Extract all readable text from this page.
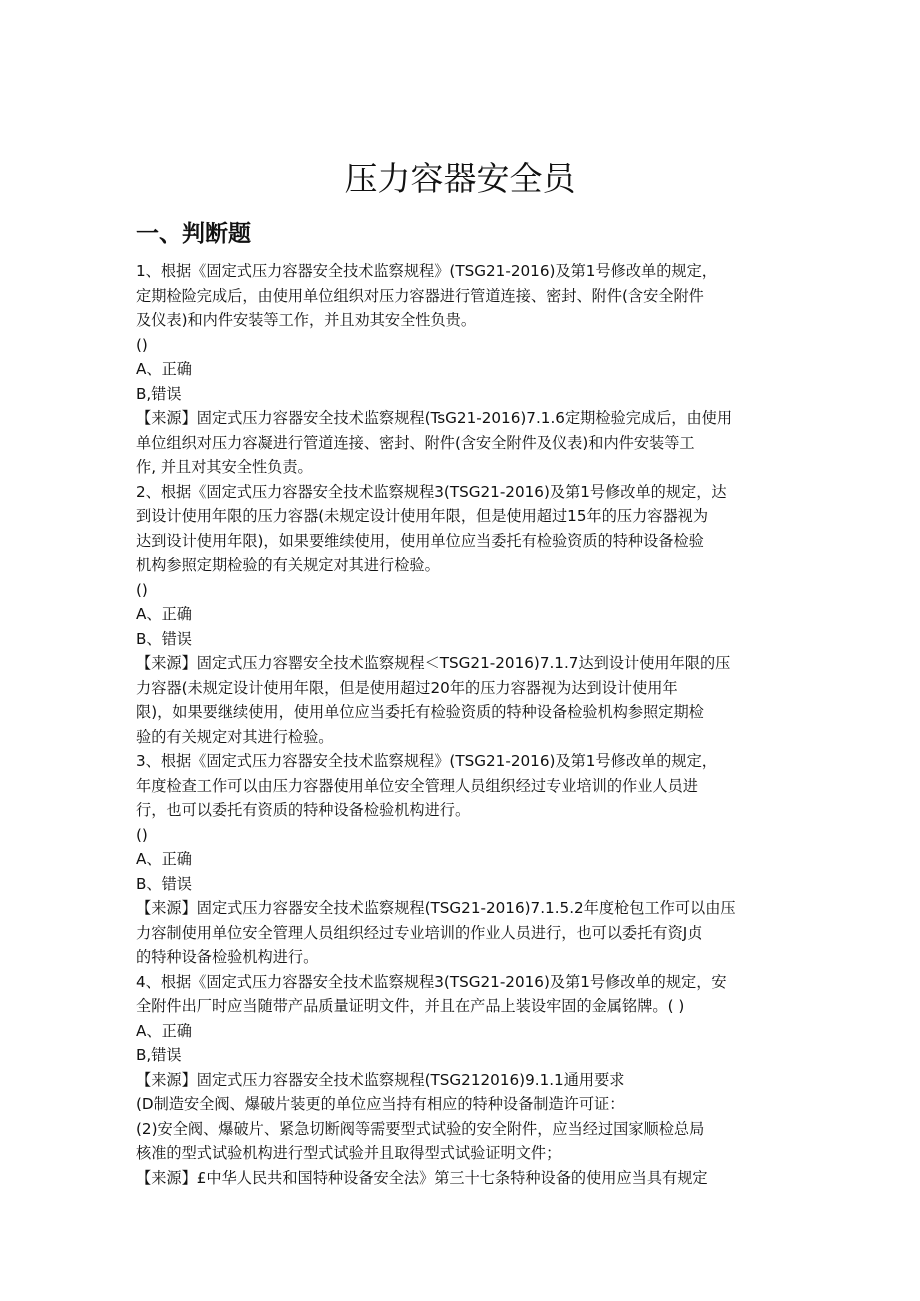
压力容器安全员
一、判断题
1、根据《固定式压力容器安全技术监察规程》(TSG21-2016)及第1号修改单的规定，
定期检险完成后，由使用单位组织对压力容器进行管道连接、密封、附件(含安全附件
及仪表)和内件安装等工作，并且劝其安全性负贵。
()
A、正确
B,错误
【来源】固定式压力容器安全技术监察规程(TsG21-2016)7.1.6定期检验完成后，由使用
单位组织对压力容凝进行管道连接、密封、附件(含安全附件及仪表)和内件安装等工
作, 并且对其安全性负责。
2、根据《固定式压力容器安全技术监察规程3(TSG21-2016)及第1号修改单的规定，达
到设计使用年限的压力容器(未规定设计使用年限，但是使用超过15年的压力容器视为
达到设计使用年限)，如果要维续使用，使用单位应当委托有检验资质的特种设备检验
机构参照定期检验的有关规定对其进行检验。
()
A、正确
B、错误
【来源】固定式压力容罂安全技术监察规程＜TSG21-2016)7.1.7达到设计使用年限的压
力容器(未规定设计使用年限，但是使用超过20年的压力容器视为达到设计使用年
限)，如果要继续使用，使用单位应当委托有检验资质的特种设备检验机构参照定期检
验的有关规定对其进行检验。
3、根据《固定式压力容器安全技术监察规程》(TSG21-2016)及第1号修改单的规定，
年度检查工作可以由压力容器使用单位安全管理人员组织经过专业培训的作业人员进
行，也可以委托有资质的特种设备检验机构进行。
()
A、正确
B、错误
【来源】固定式压力容器安全技术监察规程(TSG21-2016)7.1.5.2年度枪包工作可以由压
力容制使用单位安全管理人员组织经过专业培训的作业人员进行，也可以委托有资J贞
的特种设备检验机构进行。
4、根据《固定式压力容器安全技术监察规程3(TSG21-2016)及第1号修改单的规定，安
全附件出厂时应当随带产品质量证明文件，并且在产品上装设牢固的金属铭牌。( )
A、正确
B,错误
【来源】固定式压力容器安全技术监察规程(TSG212016)9.1.1通用要求
(D制造安全阀、爆破片装更的单位应当持有相应的特种设备制造许可证：
(2)安全阀、爆破片、紧急切断阀等需要型式试验的安全附件，应当经过国家顺检总局
核准的型式试验机构进行型式试验并且取得型式试验证明文件；
【来源】£中华人民共和国特种设备安全法》第三十七条特种设备的使用应当具有规定
